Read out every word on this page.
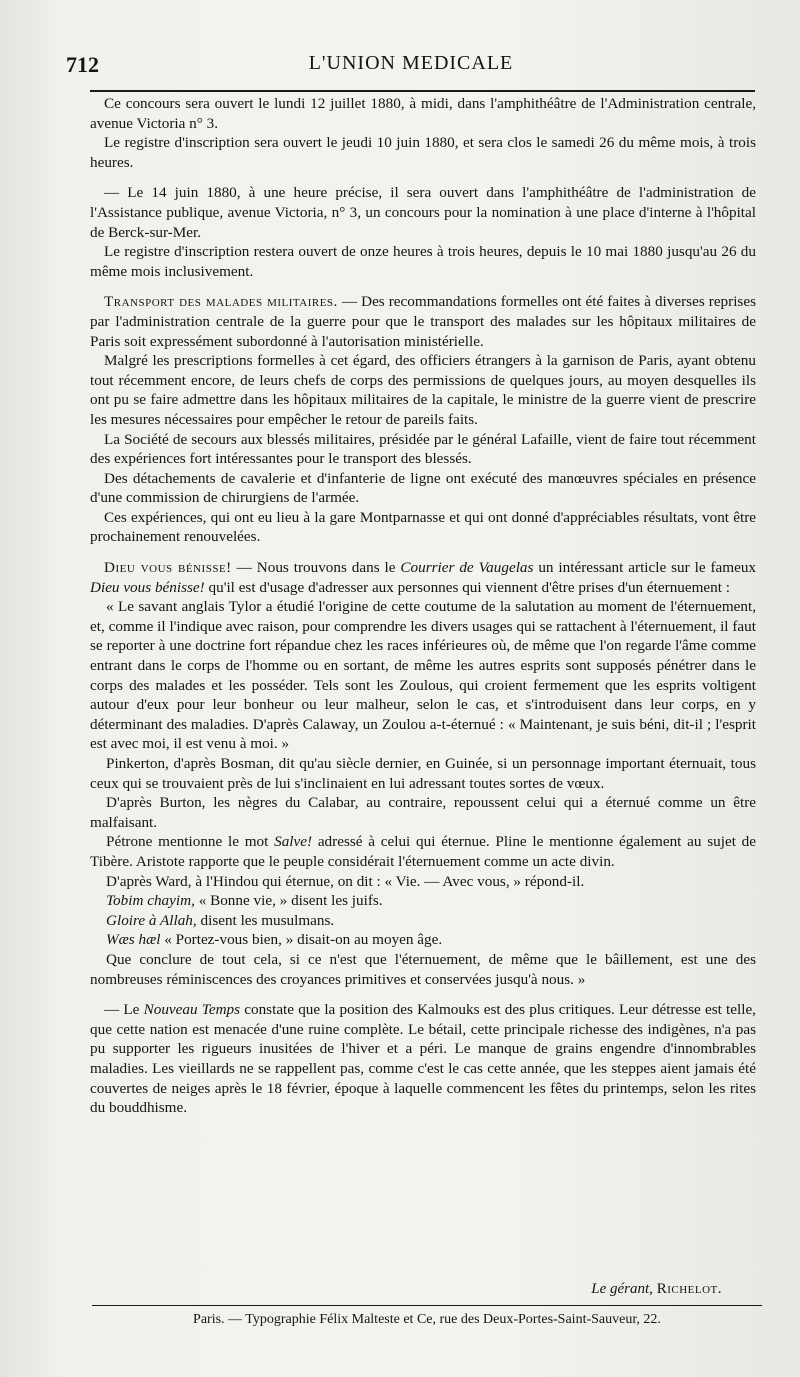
712	L'UNION MEDICALE

Ce concours sera ouvert le lundi 12 juillet 1880, à midi, dans l'amphithéâtre de l'Administration centrale, avenue Victoria n° 3.

Le registre d'inscription sera ouvert le jeudi 10 juin 1880, et sera clos le samedi 26 du même mois, à trois heures.

— Le 14 juin 1880, à une heure précise, il sera ouvert dans l'amphithéâtre de l'administration de l'Assistance publique, avenue Victoria, n° 3, un concours pour la nomination à une place d'interne à l'hôpital de Berck-sur-Mer.

Le registre d'inscription restera ouvert de onze heures à trois heures, depuis le 10 mai 1880 jusqu'au 26 du même mois inclusivement.

Transport des malades militaires. — Des recommandations formelles ont été faites à diverses reprises par l'administration centrale de la guerre pour que le transport des malades sur les hôpitaux militaires de Paris soit expressément subordonné à l'autorisation ministérielle.

Malgré les prescriptions formelles à cet égard, des officiers étrangers à la garnison de Paris, ayant obtenu tout récemment encore, de leurs chefs de corps des permissions de quelques jours, au moyen desquelles ils ont pu se faire admettre dans les hôpitaux militaires de la capitale, le ministre de la guerre vient de prescrire les mesures nécessaires pour empêcher le retour de pareils faits.

La Société de secours aux blessés militaires, présidée par le général Lafaille, vient de faire tout récemment des expériences fort intéressantes pour le transport des blessés.

Des détachements de cavalerie et d'infanterie de ligne ont exécuté des manœuvres spéciales en présence d'une commission de chirurgiens de l'armée.

Ces expériences, qui ont eu lieu à la gare Montparnasse et qui ont donné d'appréciables résultats, vont être prochainement renouvelées.

Dieu vous bénisse! — Nous trouvons dans le Courrier de Vaugelas un intéressant article sur le fameux Dieu vous bénisse! qu'il est d'usage d'adresser aux personnes qui viennent d'être prises d'un éternuement :

« Le savant anglais Tylor a étudié l'origine de cette coutume de la salutation au moment de l'éternuement, et, comme il l'indique avec raison, pour comprendre les divers usages qui se rattachent à l'éternuement, il faut se reporter à une doctrine fort répandue chez les races inférieures où, de même que l'on regarde l'âme comme entrant dans le corps de l'homme ou en sortant, de même les autres esprits sont supposés pénétrer dans le corps des malades et les posséder. Tels sont les Zoulous, qui croient fermement que les esprits voltigent autour d'eux pour leur bonheur ou leur malheur, selon le cas, et s'introduisent dans leur corps, en y déterminant des maladies. D'après Calaway, un Zoulou a-t-éternué : « Maintenant, je suis béni, dit-il ; l'esprit est avec moi, il est venu à moi. »

Pinkerton, d'après Bosman, dit qu'au siècle dernier, en Guinée, si un personnage important éternuait, tous ceux qui se trouvaient près de lui s'inclinaient en lui adressant toutes sortes de vœux.

D'après Burton, les nègres du Calabar, au contraire, repoussent celui qui a éternué comme un être malfaisant.

Pétrone mentionne le mot Salve! adressé à celui qui éternue. Pline le mentionne également au sujet de Tibère. Aristote rapporte que le peuple considérait l'éternuement comme un acte divin.

D'après Ward, à l'Hindou qui éternue, on dit : « Vie. — Avec vous, » répond-il.

Tobim chayim, « Bonne vie, » disent les juifs.

Gloire à Allah, disent les musulmans.

Wæs hæl « Portez-vous bien, » disait-on au moyen âge.

Que conclure de tout cela, si ce n'est que l'éternuement, de même que le bâillement, est une des nombreuses réminiscences des croyances primitives et conservées jusqu'à nous. »

— Le Nouveau Temps constate que la position des Kalmouks est des plus critiques. Leur détresse est telle, que cette nation est menacée d'une ruine complète. Le bétail, cette principale richesse des indigènes, n'a pas pu supporter les rigueurs inusitées de l'hiver et a péri. Le manque de grains engendre d'innombrables maladies. Les vieillards ne se rappellent pas, comme c'est le cas cette année, que les steppes aient jamais été couvertes de neiges après le 18 février, époque à laquelle commencent les fêtes du printemps, selon les rites du bouddhisme.

Le gérant, Richelot.
Paris. — Typographie Félix Malteste et Ce, rue des Deux-Portes-Saint-Sauveur, 22.
